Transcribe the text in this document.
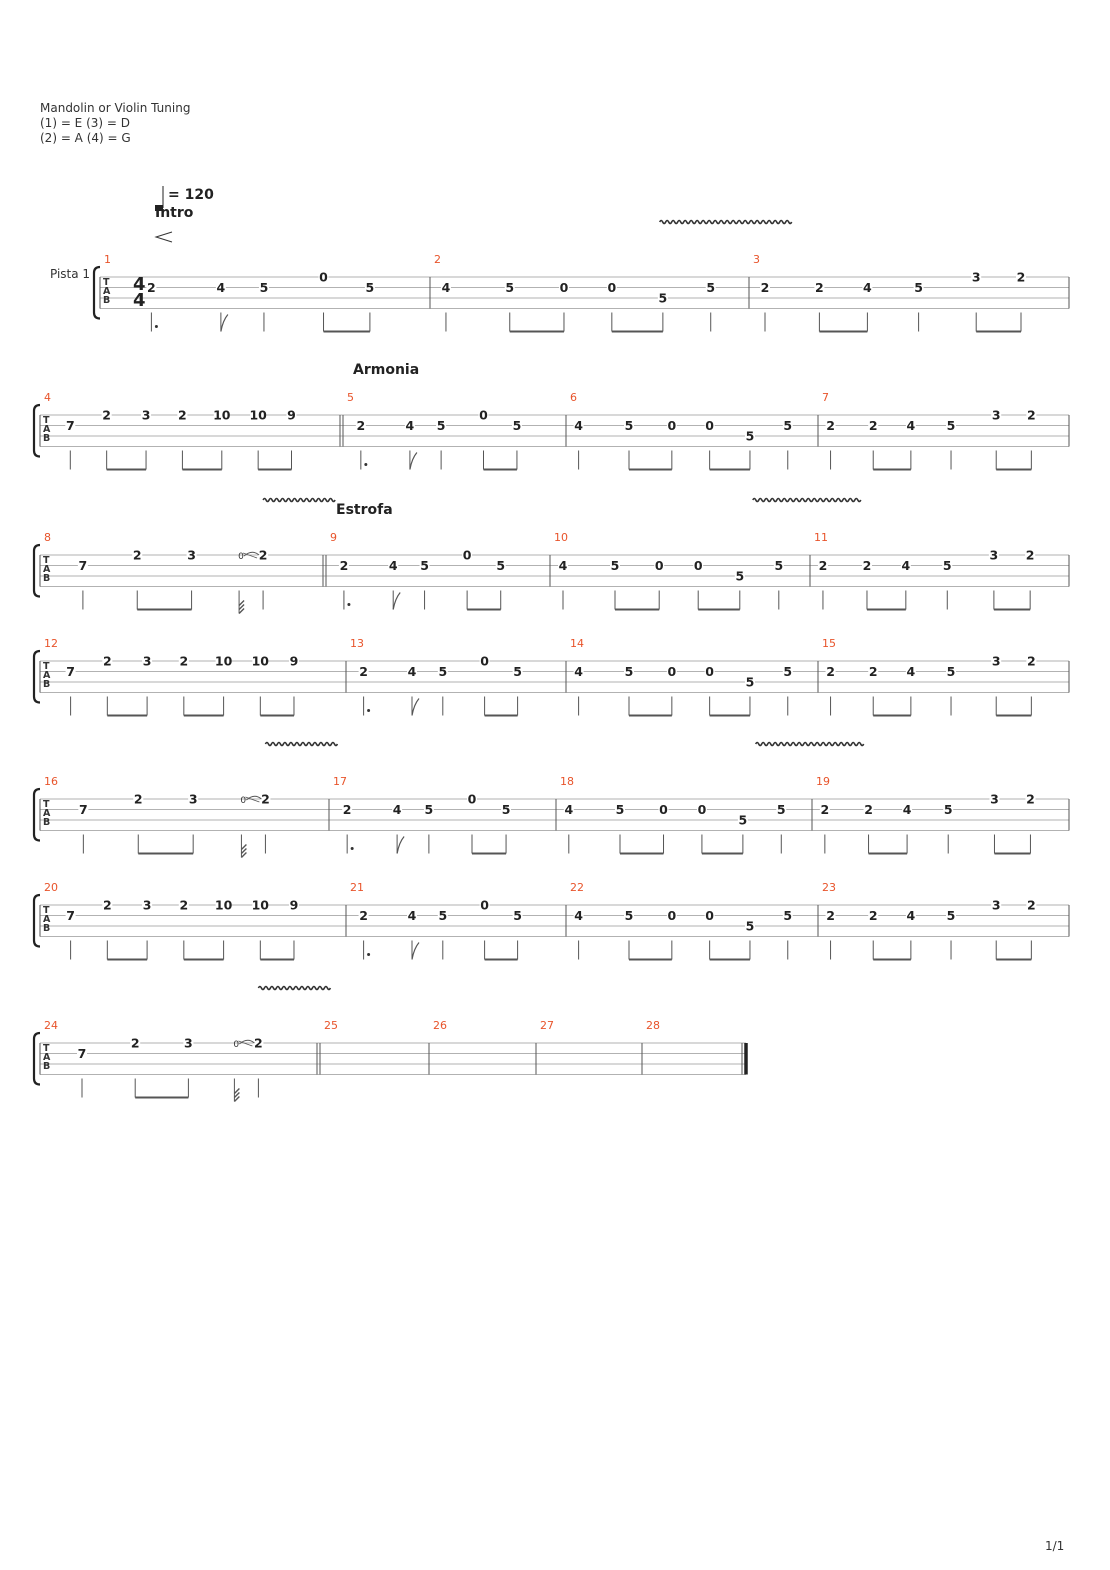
Mandolin or Violin Tuning
(1) = E (3) = D
(2) = A (4) = G
T
A
B
1
2	4	5
0
5
2
4	5	0	0
5
5
3
2	2	4	5
3	2
T
A
B
4
7
2 3 2 10 10 9
5
Armonia
2	4 5
0
5
6
4	5	0 0
5
5
7
2	2 4	5
3 2
T
A
B
8
7
2	3	2
0
9
Estrofa
2	4 5
0
5
10
4	5	0 0
5
5
11
2	2 4	5
3 2
T
A
B
12
7
2 3 2 10 10 9
13
2	4 5
0
5
14
4	5	0 0
5
5
15
2	2 4	5
3 2
T
A
B
16
7
2	3	2
0
17
2	4 5
0
5
18
4	5	0 0
5
5
19
2	2 4	5
3 2
T
A
B
20
7
2 3 2 10 10 9
21
2	4 5
0
5
22
4	5	0 0
5
5
23
2	2 4	5
3 2
T
A
B
24
7
2	3	2
0
25	26	27	28
Pista 1 4
4
= 120
Intro
1/1
